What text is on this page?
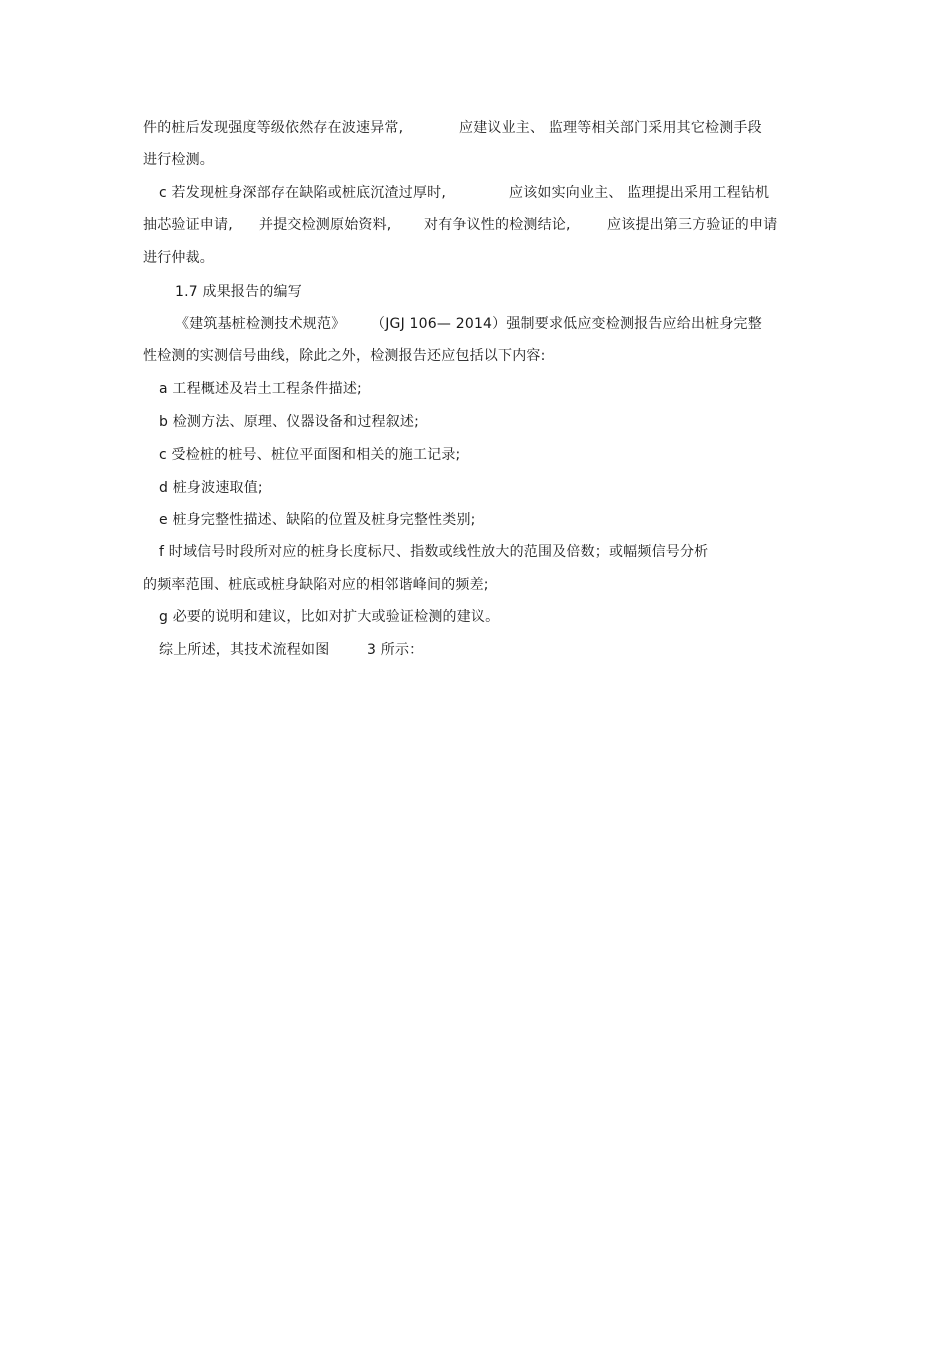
件的桩后发现强度等级依然存在波速异常,	应建议业主、 监理等相关部门采用其它检测手段
进行检测。
c 若发现桩身深部存在缺陷或桩底沉渣过厚时,	应该如实向业主、 监理提出采用工程钻机
抽芯验证申请, 并提交检测原始资料, 对有争议性的检测结论,	应该提出第三方验证的申请
进行仲裁。
1.7 成果报告的编写
《建筑基桩检测技术规范》 （JGJ 106— 2014）强制要求低应变检测报告应给出桩身完整
性检测的实测信号曲线，除此之外，检测报告还应包括以下内容:
a 工程概述及岩土工程条件描述;
b 检测方法、原理、仪器设备和过程叙述;
c 受检桩的桩号、桩位平面图和相关的施工记录;
d 桩身波速取值;
e 桩身完整性描述、缺陷的位置及桩身完整性类别;
f 时域信号时段所对应的桩身长度标尺、指数或线性放大的范围及倍数；或幅频信号分析
的频率范围、桩底或桩身缺陷对应的相邻谐峰间的频差;
g 必要的说明和建议，比如对扩大或验证检测的建议。
综上所述，其技术流程如图	3 所示：
